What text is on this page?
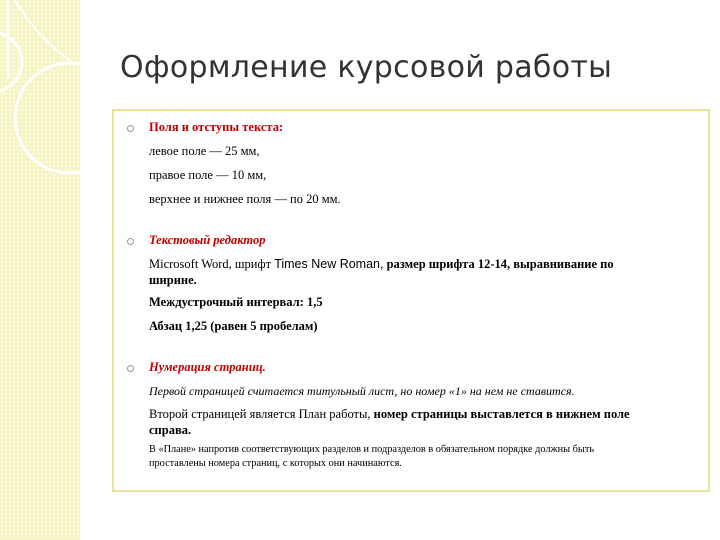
Оформление курсовой работы
Поля и отступы текста:
левое поле — 25 мм,
правое поле — 10 мм,
верхнее и нижнее поля — по 20 мм.
Текстовый редактор
Microsoft Word, шрифт Times New Roman, размер шрифта 12-14, выравнивание по
ширине.
Междустрочный интервал: 1,5
Абзац 1,25 (равен 5 пробелам)
Нумерация страниц.
Первой страницей считается титульный лист, но номер «1» на нем не ставится.
Второй страницей является План работы, номер страницы выставлется в нижнем поле
справа.
В «Плане» напротив соответствующих разделов и подразделов в обязательном порядке должны быть
проставлены номера страниц, с которых они начинаются.
